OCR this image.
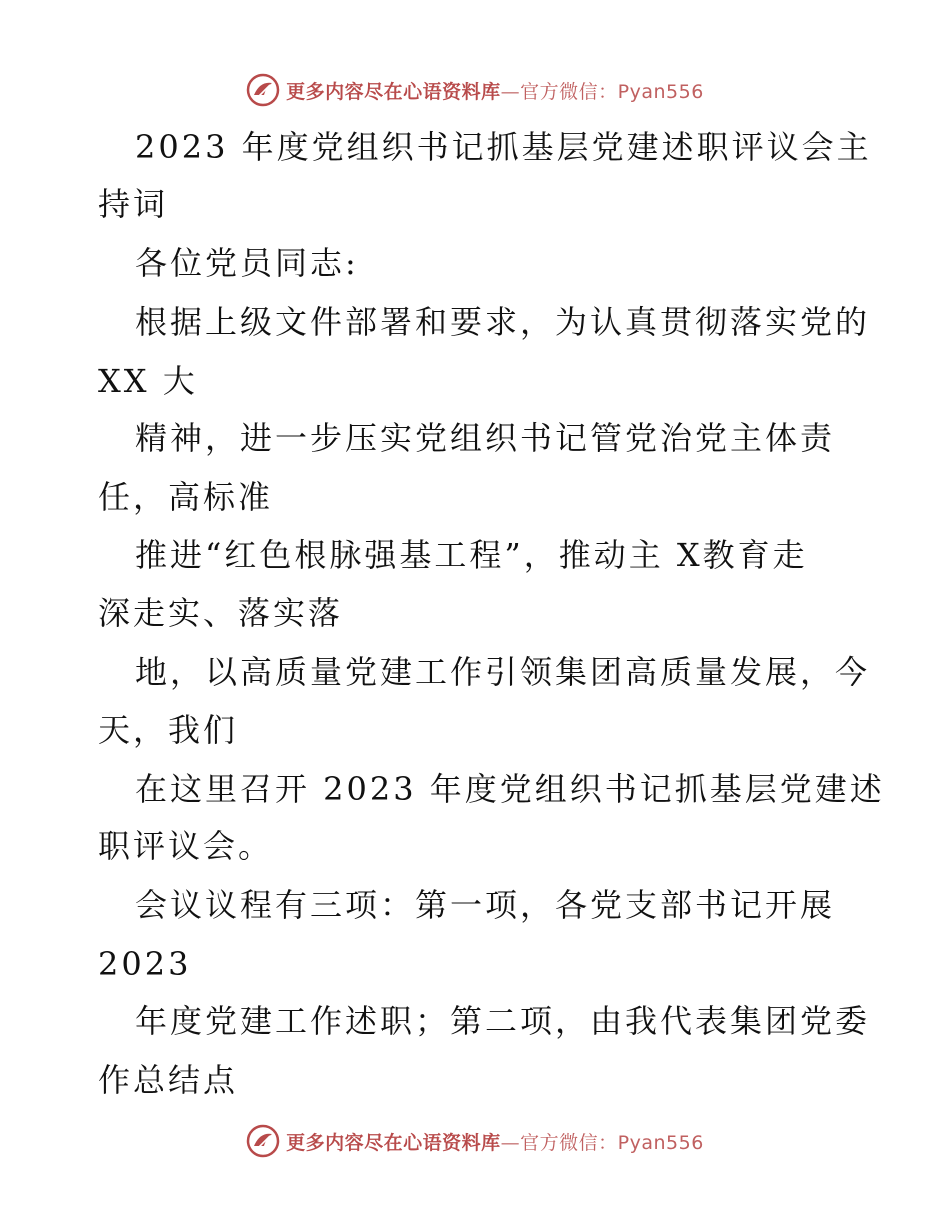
更多内容尽在心语资料库—官方微信：Pyan556
2023 年度党组织书记抓基层党建述职评议会主
持词
各位党员同志:
根据上级文件部署和要求，为认真贯彻落实党的
XX 大
精神，进一步压实党组织书记管党治党主体责
任，高标准
推进“红色根脉强基工程”，推动主 X教育走
深走实、落实落
地，以高质量党建工作引领集团高质量发展，今
天，我们
在这里召开 2023 年度党组织书记抓基层党建述
职评议会。
会议议程有三项：第一项，各党支部书记开展
2023
年度党建工作述职；第二项，由我代表集团党委
作总结点
更多内容尽在心语资料库—官方微信：Pyan556
